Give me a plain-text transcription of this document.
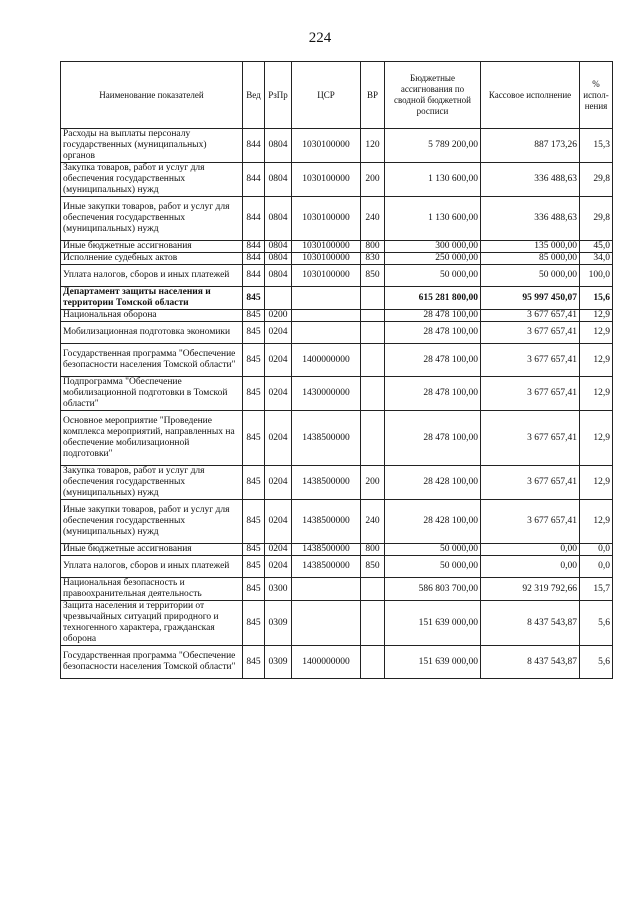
224
Наименование показателей	Вед	РзПр	ЦСР	ВР	Бюджетные ассигнования по сводной бюджетной росписи	Кассовое исполнение	% испол-нения
Расходы на выплаты персоналу государственных (муниципальных) органов	844	0804	1030100000	120	5 789 200,00	887 173,26	15,3
Закупка товаров, работ и услуг для обеспечения государственных (муниципальных) нужд	844	0804	1030100000	200	1 130 600,00	336 488,63	29,8
Иные закупки товаров, работ и услуг для обеспечения государственных (муниципальных) нужд	844	0804	1030100000	240	1 130 600,00	336 488,63	29,8
Иные бюджетные ассигнования	844	0804	1030100000	800	300 000,00	135 000,00	45,0
Исполнение судебных актов	844	0804	1030100000	830	250 000,00	85 000,00	34,0
Уплата налогов, сборов и иных платежей	844	0804	1030100000	850	50 000,00	50 000,00	100,0
Департамент защиты населения и территории Томской области	845				615 281 800,00	95 997 450,07	15,6
Национальная оборона	845	0200			28 478 100,00	3 677 657,41	12,9
Мобилизационная подготовка экономики	845	0204			28 478 100,00	3 677 657,41	12,9
Государственная программа "Обеспечение безопасности населения Томской области"	845	0204	1400000000		28 478 100,00	3 677 657,41	12,9
Подпрограмма "Обеспечение мобилизационной подготовки в Томской области"	845	0204	1430000000		28 478 100,00	3 677 657,41	12,9
Основное мероприятие "Проведение комплекса мероприятий, направленных на обеспечение мобилизационной подготовки"	845	0204	1438500000		28 478 100,00	3 677 657,41	12,9
Закупка товаров, работ и услуг для обеспечения государственных (муниципальных) нужд	845	0204	1438500000	200	28 428 100,00	3 677 657,41	12,9
Иные закупки товаров, работ и услуг для обеспечения государственных (муниципальных) нужд	845	0204	1438500000	240	28 428 100,00	3 677 657,41	12,9
Иные бюджетные ассигнования	845	0204	1438500000	800	50 000,00	0,00	0,0
Уплата налогов, сборов и иных платежей	845	0204	1438500000	850	50 000,00	0,00	0,0
Национальная безопасность и правоохранительная деятельность	845	0300			586 803 700,00	92 319 792,66	15,7
Защита населения и территории от чрезвычайных ситуаций природного и техногенного характера, гражданская оборона	845	0309			151 639 000,00	8 437 543,87	5,6
Государственная программа "Обеспечение безопасности населения Томской области"	845	0309	1400000000		151 639 000,00	8 437 543,87	5,6
